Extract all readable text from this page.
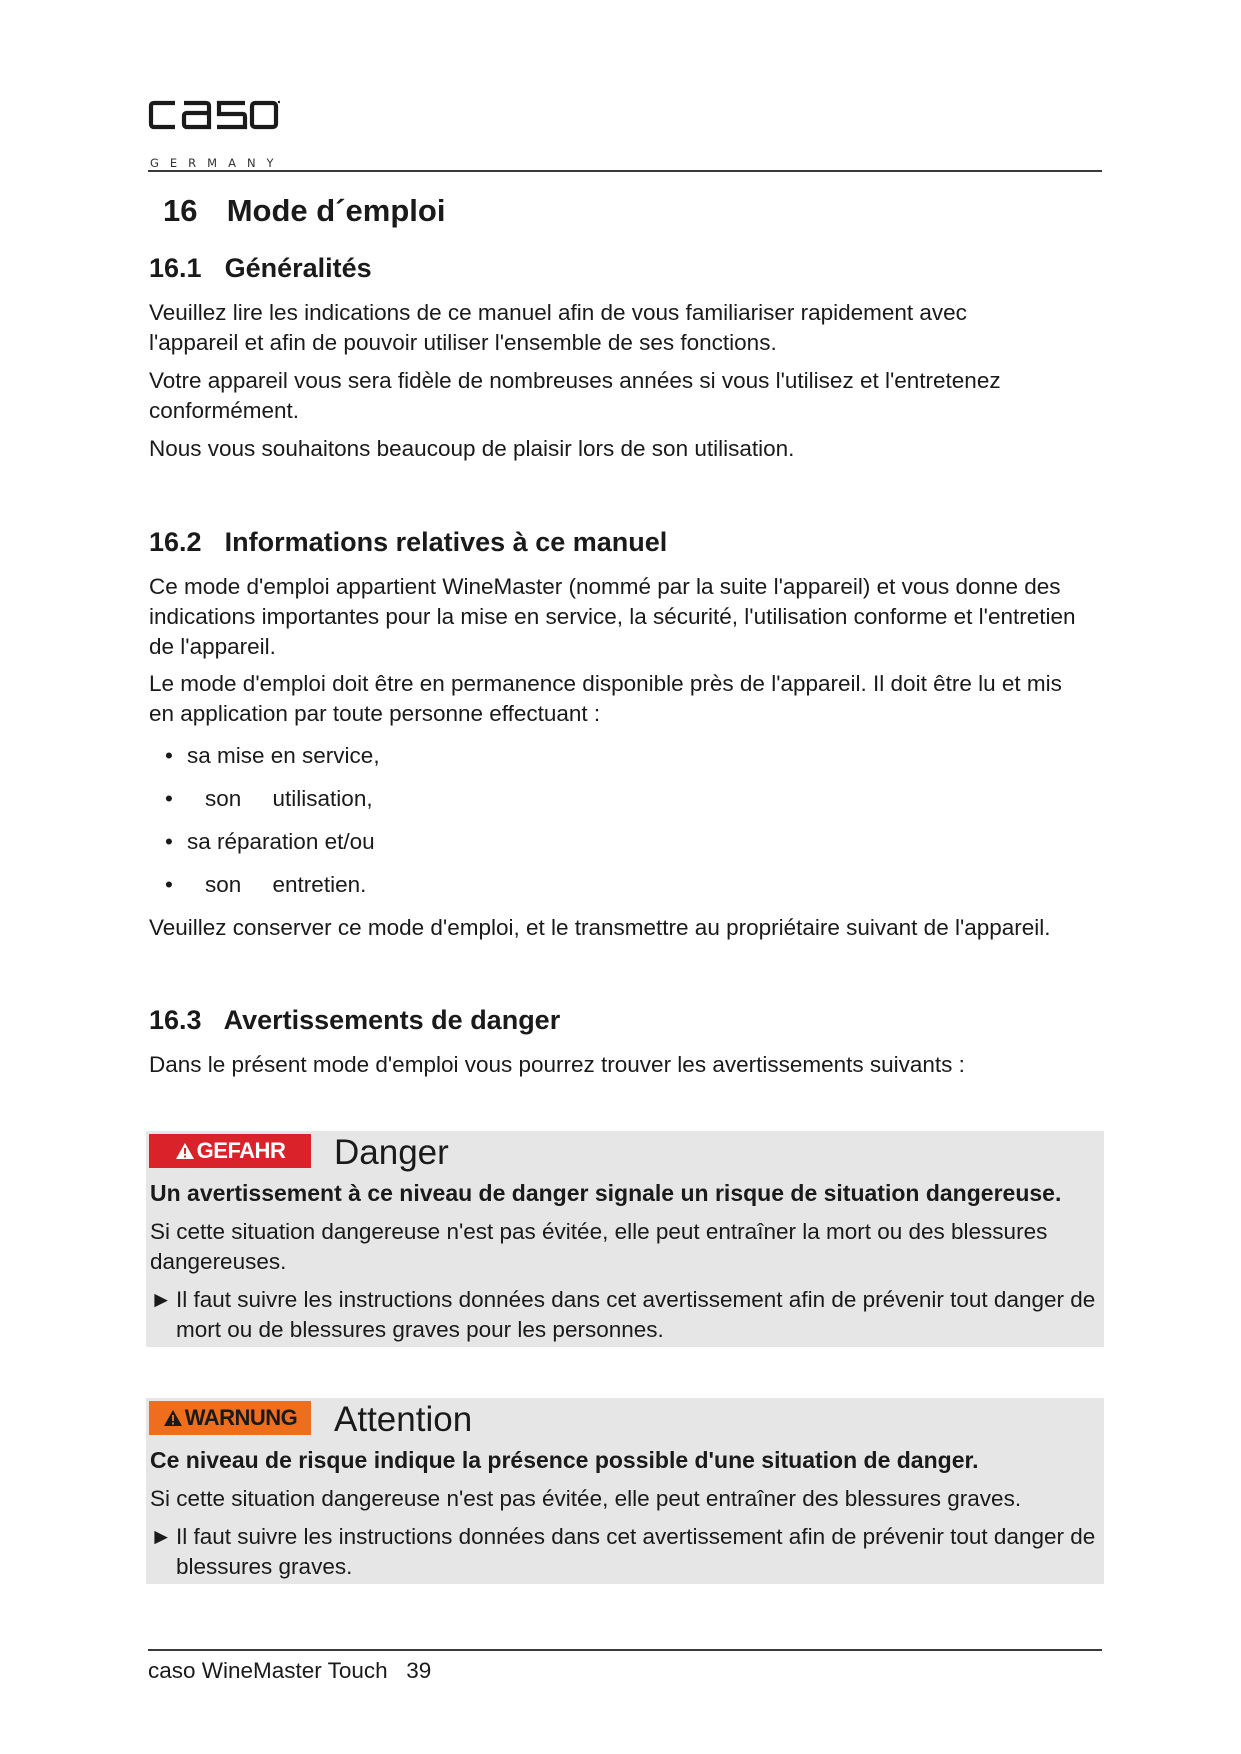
GERMANY
16 Mode d´emploi
16.1 Généralités

Veuillez lire les indications de ce manuel afin de vous familiariser rapidement avec l'appareil et afin de pouvoir utiliser l'ensemble de ses fonctions.

Votre appareil vous sera fidèle de nombreuses années si vous l'utilisez et l'entretenez conformément.

Nous vous souhaitons beaucoup de plaisir lors de son utilisation.

16.2 Informations relatives à ce manuel

Ce mode d'emploi appartient WineMaster (nommé par la suite l'appareil) et vous donne des indications importantes pour la mise en service, la sécurité, l'utilisation conforme et l'entretien de l'appareil.

Le mode d'emploi doit être en permanence disponible près de l'appareil. Il doit être lu et mis en application par toute personne effectuant :

• sa mise en service,
• son     utilisation,
• sa réparation et/ou
• son     entretien.

Veuillez conserver ce mode d'emploi, et le transmettre au propriétaire suivant de l'appareil.

16.3 Avertissements de danger

Dans le présent mode d'emploi vous pourrez trouver les avertissements suivants :

GEFAHR Danger
Un avertissement à ce niveau de danger signale un risque de situation dangereuse.
Si cette situation dangereuse n'est pas évitée, elle peut entraîner la mort ou des blessures dangereuses.
► Il faut suivre les instructions données dans cet avertissement afin de prévenir tout danger de mort ou de blessures graves pour les personnes.
WARNUNG Attention
Ce niveau de risque indique la présence possible d'une situation de danger.
Si cette situation dangereuse n'est pas évitée, elle peut entraîner des blessures graves.
► Il faut suivre les instructions données dans cet avertissement afin de prévenir tout danger de blessures graves.
caso WineMaster Touch 39
